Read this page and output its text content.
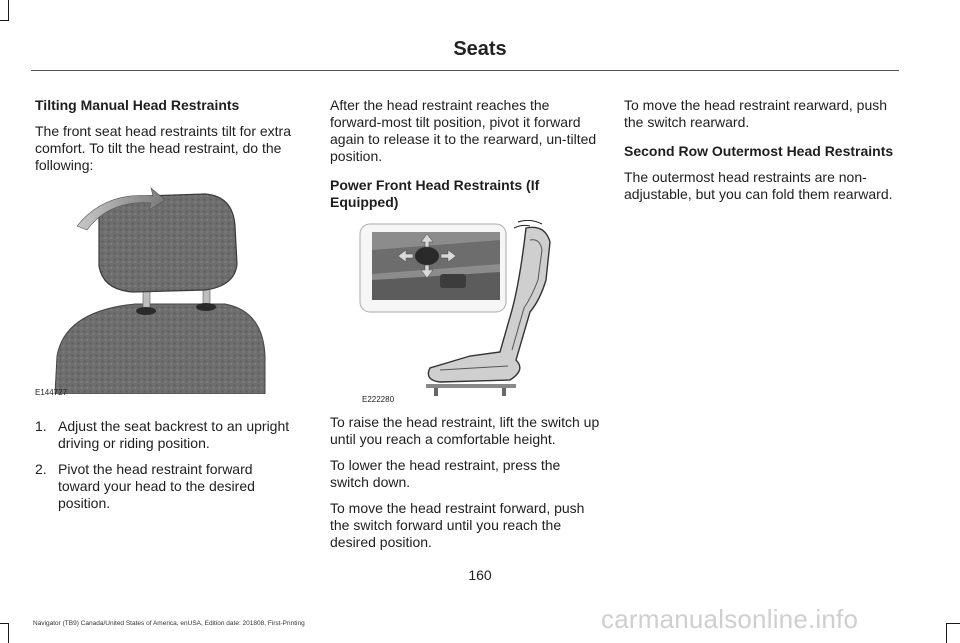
Seats

Tilting Manual Head Restraints

The front seat head restraints tilt for extra comfort. To tilt the head restraint, do the following:

E144727
1. Adjust the seat backrest to an upright driving or riding position.
2. Pivot the head restraint forward toward your head to the desired position.

After the head restraint reaches the forward-most tilt position, pivot it forward again to release it to the rearward, un-tilted position.

Power Front Head Restraints (If Equipped)

E222280

To raise the head restraint, lift the switch up until you reach a comfortable height.

To lower the head restraint, press the switch down.

To move the head restraint forward, push the switch forward until you reach the desired position.

To move the head restraint rearward, push the switch rearward.

Second Row Outermost Head Restraints

The outermost head restraints are non-adjustable, but you can fold them rearward.

160
Navigator (TB9) Canada/United States of America, enUSA, Edition date: 201808, First-Printing	carmanualsonline.info
